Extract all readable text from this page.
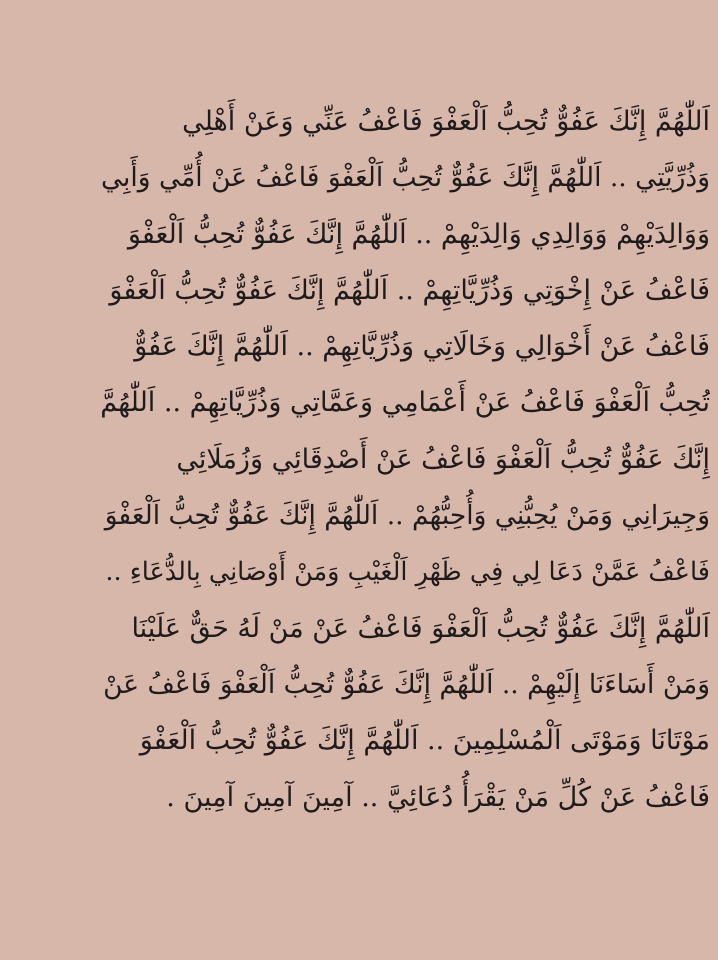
اَللّٰهُمَّ إِنَّكَ عَفُوٌّ تُحِبُّ اَلْعَفْوَ فَاعْفُ عَنِّي وَعَنْ أَهْلِي
وَذُرِّيَّتِي .. اَللّٰهُمَّ إِنَّكَ عَفُوٌّ تُحِبُّ اَلْعَفْوَ فَاعْفُ عَنْ أُمِّي وَأَبِي
وَوَالِدَيْهِمْ وَوَالِدِي وَالِدَيْهِمْ .. اَللّٰهُمَّ إِنَّكَ عَفُوٌّ تُحِبُّ اَلْعَفْوَ
فَاعْفُ عَنْ إِخْوَتِي وَذُرِّيَّاتِهِمْ .. اَللّٰهُمَّ إِنَّكَ عَفُوٌّ تُحِبُّ اَلْعَفْوَ
فَاعْفُ عَنْ أَخْوَالِي وَخَالَاتِي وَذُرِّيَّاتِهِمْ .. اَللّٰهُمَّ إِنَّكَ عَفُوٌّ
تُحِبُّ اَلْعَفْوَ فَاعْفُ عَنْ أَعْمَامِي وَعَمَّاتِي وَذُرِّيَّاتِهِمْ .. اَللّٰهُمَّ
إِنَّكَ عَفُوٌّ تُحِبُّ اَلْعَفْوَ فَاعْفُ عَنْ أَصْدِقَائِي وَزُمَلَائِي
وَجِيرَانِي وَمَنْ يُحِبُّنِي وَأُحِبُّهُمْ .. اَللّٰهُمَّ إِنَّكَ عَفُوٌّ تُحِبُّ اَلْعَفْوَ
فَاعْفُ عَمَّنْ دَعَا لِي فِي ظَهْرِ اَلْغَيْبِ وَمَنْ أَوْصَانِي بِالدُّعَاءِ ..
اَللّٰهُمَّ إِنَّكَ عَفُوٌّ تُحِبُّ اَلْعَفْوَ فَاعْفُ عَنْ مَنْ لَهُ حَقٌّ عَلَيْنَا
وَمَنْ أَسَاءَنَا إِلَيْهِمْ .. اَللّٰهُمَّ إِنَّكَ عَفُوٌّ تُحِبُّ اَلْعَفْوَ فَاعْفُ عَنْ
مَوْتَانَا وَمَوْتَى اَلْمُسْلِمِينَ .. اَللّٰهُمَّ إِنَّكَ عَفُوٌّ تُحِبُّ اَلْعَفْوَ
فَاعْفُ عَنْ كُلِّ مَنْ يَقْرَأُ دُعَائِيَّ .. آمِينَ آمِينَ آمِينَ .
